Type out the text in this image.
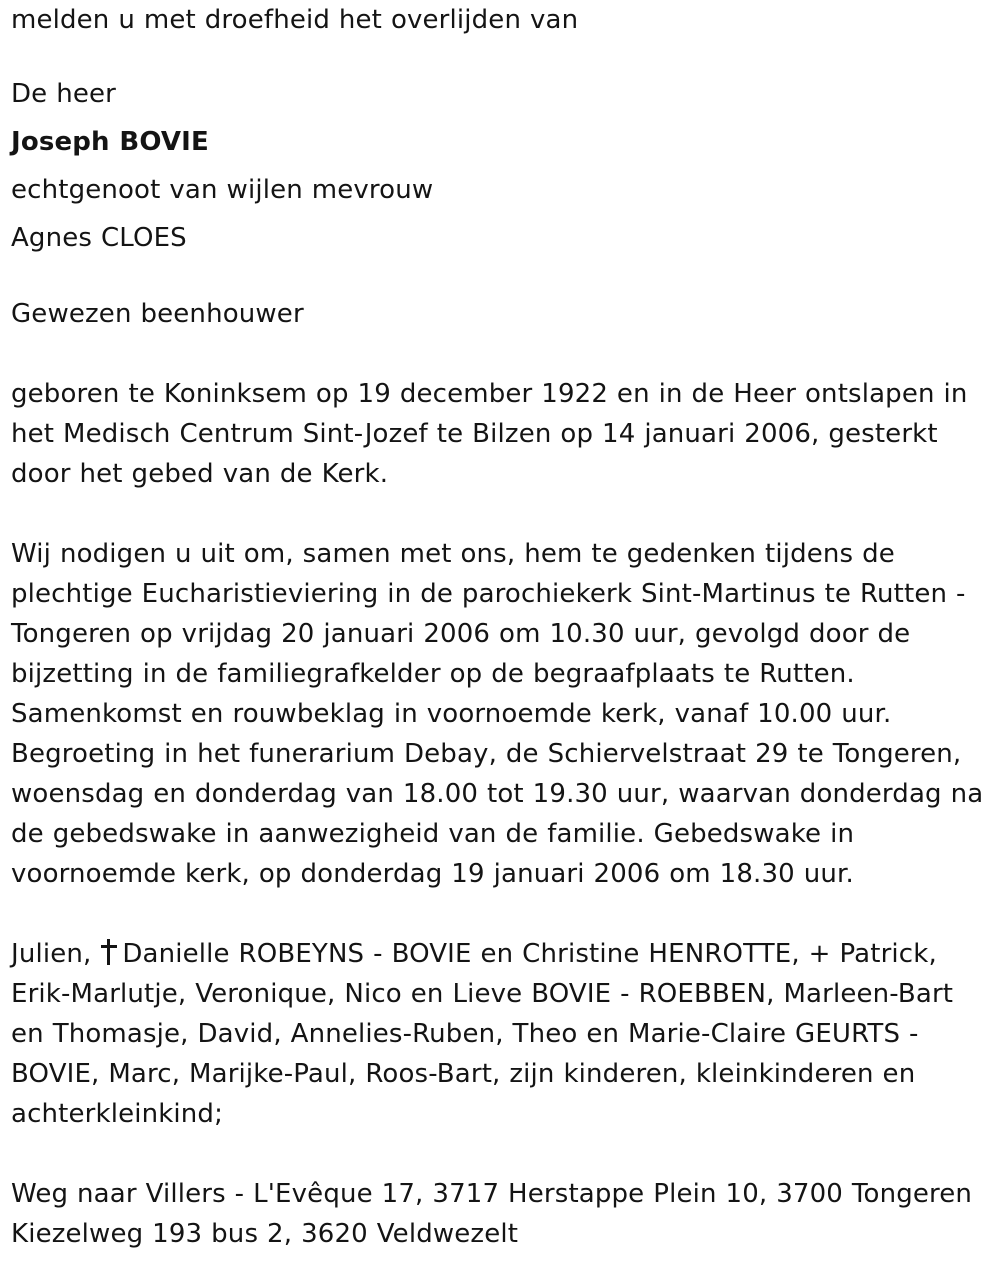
melden u met droefheid het overlijden van
De heer
Joseph BOVIE
echtgenoot van wijlen mevrouw
Agnes CLOES
Gewezen beenhouwer
geboren te Koninksem op 19 december 1922 en in de Heer ontslapen in
het Medisch Centrum Sint-Jozef te Bilzen op 14 januari 2006, gesterkt
door het gebed van de Kerk.
Wij nodigen u uit om, samen met ons, hem te gedenken tijdens de
plechtige Eucharistieviering in de parochiekerk Sint-Martinus te Rutten -
Tongeren op vrijdag 20 januari 2006 om 10.30 uur, gevolgd door de
bijzetting in de familiegrafkelder op de begraafplaats te Rutten.
Samenkomst en rouwbeklag in voornoemde kerk, vanaf 10.00 uur.
Begroeting in het funerarium Debay, de Schiervelstraat 29 te Tongeren,
woensdag en donderdag van 18.00 tot 19.30 uur, waarvan donderdag na
de gebedswake in aanwezigheid van de familie. Gebedswake in
voornoemde kerk, op donderdag 19 januari 2006 om 18.30 uur.
Julien, Danielle ROBEYNS - BOVIE en Christine HENROTTE, + Patrick,
Erik-Marlutje, Veronique, Nico en Lieve BOVIE - ROEBBEN, Marleen-Bart
en Thomasje, David, Annelies-Ruben, Theo en Marie-Claire GEURTS -
BOVIE, Marc, Marijke-Paul, Roos-Bart, zijn kinderen, kleinkinderen en
achterkleinkind;
Weg naar Villers - L'Evêque 17, 3717 Herstappe Plein 10, 3700 Tongeren
Kiezelweg 193 bus 2, 3620 Veldwezelt
